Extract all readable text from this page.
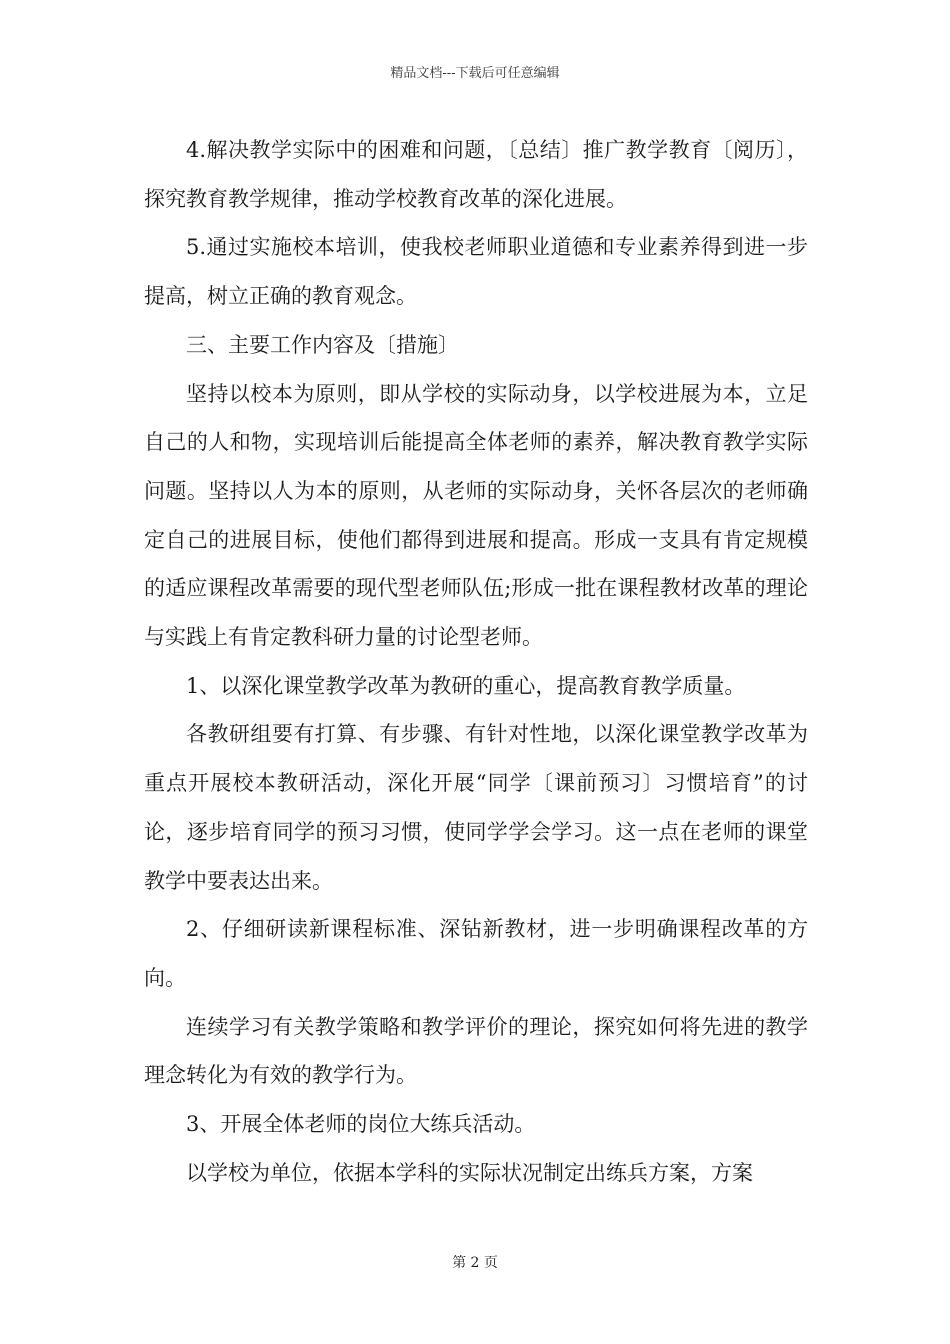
精品文档---下载后可任意编辑

4.解决教学实际中的困难和问题，〔总结〕推广教学教育〔阅历〕，探究教育教学规律，推动学校教育改革的深化进展。

5.通过实施校本培训，使我校老师职业道德和专业素养得到进一步提高，树立正确的教育观念。

三、主要工作内容及〔措施〕

坚持以校本为原则，即从学校的实际动身，以学校进展为本，立足自己的人和物，实现培训后能提高全体老师的素养，解决教育教学实际问题。坚持以人为本的原则，从老师的实际动身，关怀各层次的老师确定自己的进展目标，使他们都得到进展和提高。形成一支具有肯定规模的适应课程改革需要的现代型老师队伍;形成一批在课程教材改革的理论与实践上有肯定教科研力量的讨论型老师。

1、以深化课堂教学改革为教研的重心，提高教育教学质量。

各教研组要有打算、有步骤、有针对性地，以深化课堂教学改革为重点开展校本教研活动，深化开展“同学〔课前预习〕习惯培育”的讨论，逐步培育同学的预习习惯，使同学学会学习。这一点在老师的课堂教学中要表达出来。

2、仔细研读新课程标准、深钻新教材，进一步明确课程改革的方向。

连续学习有关教学策略和教学评价的理论，探究如何将先进的教学理念转化为有效的教学行为。

3、开展全体老师的岗位大练兵活动。

以学校为单位，依据本学科的实际状况制定出练兵方案，方案

第 2 页
